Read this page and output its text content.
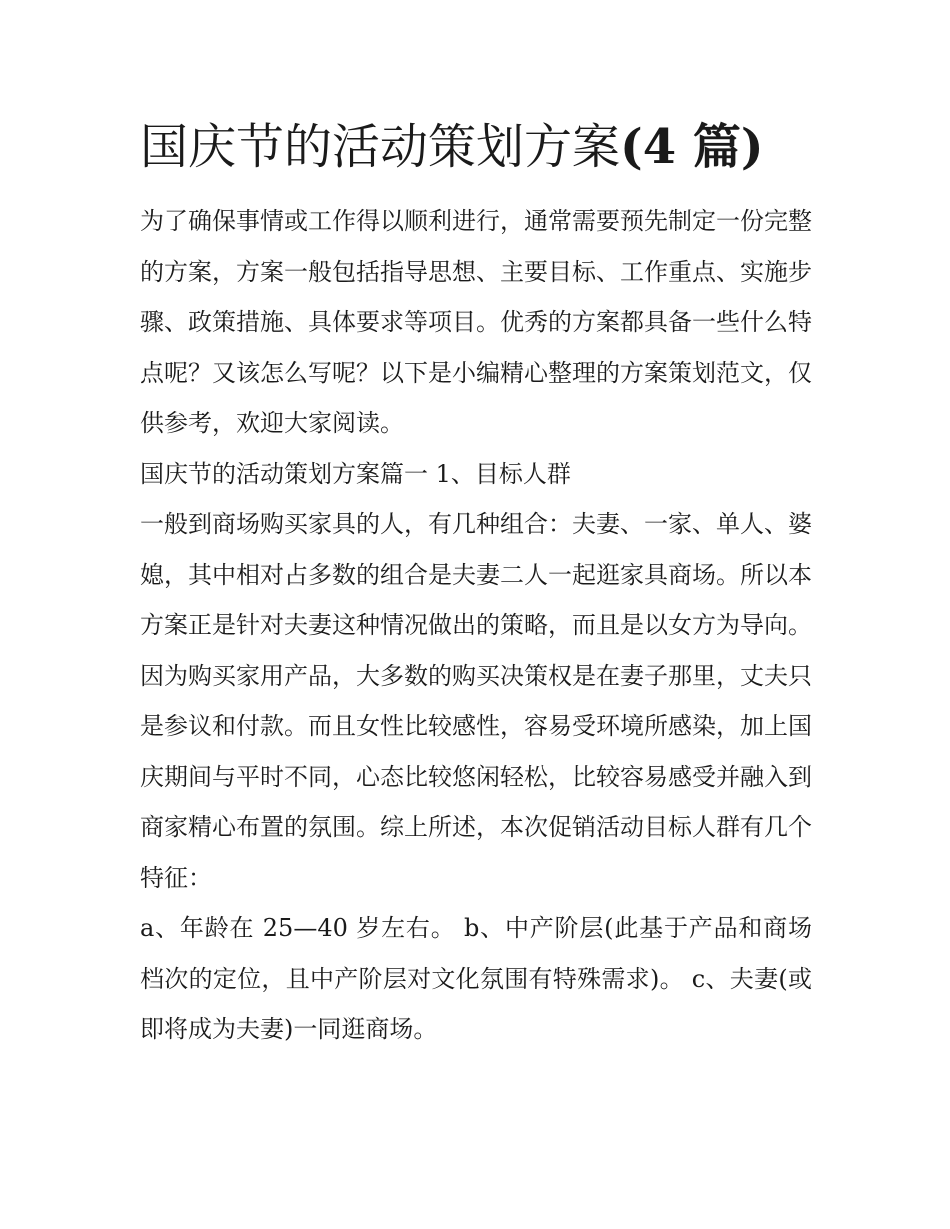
国庆节的活动策划方案(4 篇)

为了确保事情或工作得以顺利进行，通常需要预先制定一份完整的方案，方案一般包括指导思想、主要目标、工作重点、实施步骤、政策措施、具体要求等项目。优秀的方案都具备一些什么特点呢？又该怎么写呢？以下是小编精心整理的方案策划范文，仅供参考，欢迎大家阅读。

国庆节的活动策划方案篇一 1、目标人群

一般到商场购买家具的人，有几种组合：夫妻、一家、单人、婆媳，其中相对占多数的组合是夫妻二人一起逛家具商场。所以本方案正是针对夫妻这种情况做出的策略，而且是以女方为导向。

因为购买家用产品，大多数的购买决策权是在妻子那里，丈夫只是参议和付款。而且女性比较感性，容易受环境所感染，加上国庆期间与平时不同，心态比较悠闲轻松，比较容易感受并融入到商家精心布置的氛围。综上所述，本次促销活动目标人群有几个特征：

a、年龄在 25—40 岁左右。 b、中产阶层(此基于产品和商场档次的定位，且中产阶层对文化氛围有特殊需求)。 c、夫妻(或即将成为夫妻)一同逛商场。
